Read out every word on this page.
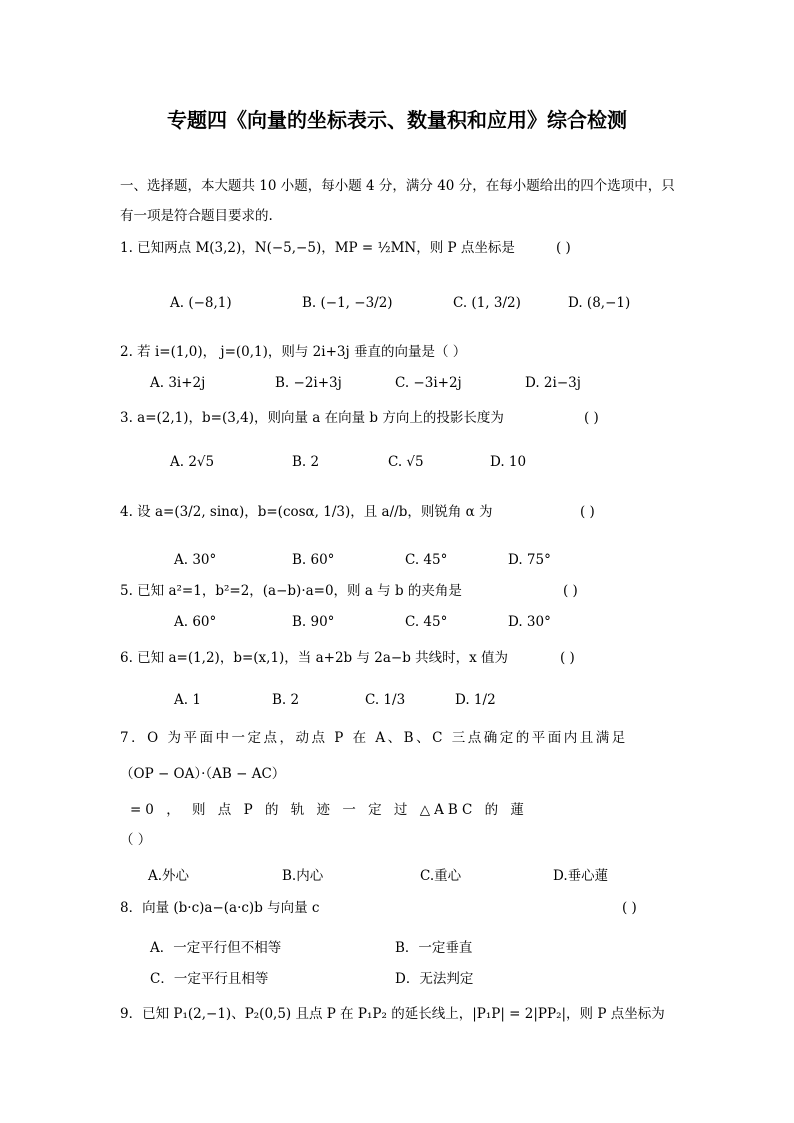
专题四《向量的坐标表示、数量积和应用》综合检测
一、选择题，本大题共 10 小题，每小题 4 分，满分 40 分，在每小题给出的四个选项中，只
有一项是符合题目要求的.
1. 已知两点 M(3,2)，N(−5,−5)，MP = ½MN，则 P 点坐标是	( )
A. (−8,1)	B. (−1, −3/2)	C. (1, 3/2)	D. (8,−1)
2. 若 i=(1,0)， j=(0,1)，则与 2i+3j 垂直的向量是（ ）
A. 3i+2j	B. −2i+3j	C. −3i+2j	D. 2i−3j
3. a=(2,1)，b=(3,4)，则向量 a 在向量 b 方向上的投影长度为	( )
A. 2√5	B. 2	C. √5	D. 10
4. 设 a=(3/2, sinα)，b=(cosα, 1/3)，且 a//b，则锐角 α 为	( )
A. 30°	B. 60°	C. 45°	D. 75°
5. 已知 a²=1，b²=2，(a−b)·a=0，则 a 与 b 的夹角是	( )
A. 60°	B. 90°	C. 45°	D. 30°
6. 已知 a=(1,2)，b=(x,1)，当 a+2b 与 2a−b 共线时，x 值为	( )
A. 1	B. 2	C. 1/3	D. 1/2
7．O 为平面中一定点，动点 P 在 A、B、C 三点确定的平面内且满足
（OP − OA）·（AB − AC）
=0 ， 则 点 P 的 轨 迹 一 定 过 △ABC 的 蓮
（ ）
A.外心	B.内心	C.重心	D.垂心蓮
8．向量 (b·c)a−(a·c)b 与向量 c	( )
A．一定平行但不相等	B．一定垂直
C．一定平行且相等	D．无法判定
9．已知 P₁(2,−1)、P₂(0,5) 且点 P 在 P₁P₂ 的延长线上，|P₁P| = 2|PP₂|，则 P 点坐标为
